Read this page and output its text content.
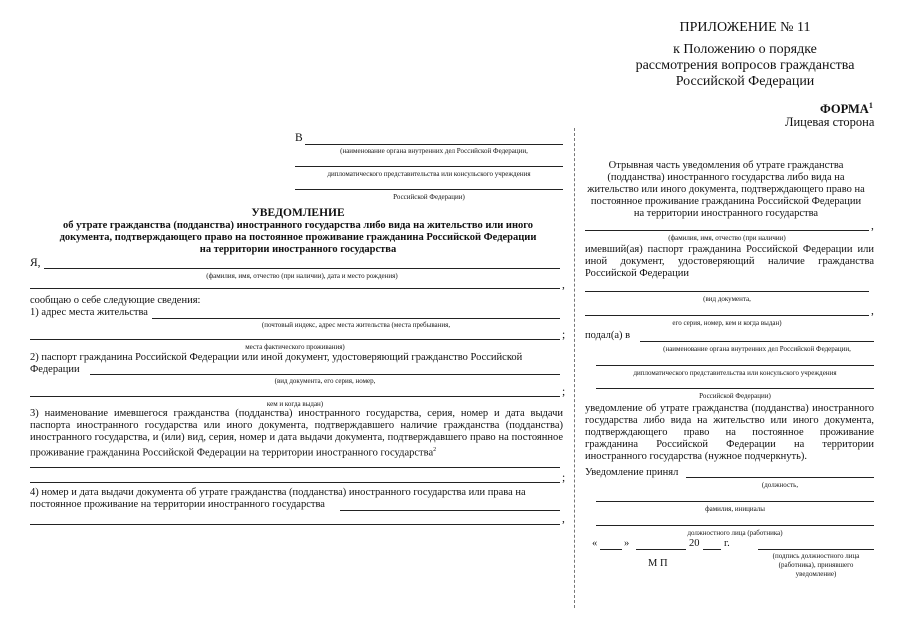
ПРИЛОЖЕНИЕ № 11
к Положению о порядке
рассмотрения вопросов гражданства
Российской Федерации
ФОРМА$^1$
Лицевая сторона
В
(наименование органа внутренних дел Российской Федерации,
дипломатического представительства или консульского учреждения
Российской Федерации)
УВЕДОМЛЕНИЕ
об утрате гражданства (подданства) иностранного государства либо вида на жительство или иного
документа, подтверждающего право на постоянное проживание гражданина Российской Федерации
на территории иностранного государства
Я,
(фамилия, имя, отчество (при наличии), дата и место рождения)
,
сообщаю о себе следующие сведения:
1) адрес места жительства
(почтовый индекс, адрес места жительства (места пребывания,
;
места фактического проживания)
2) паспорт гражданина Российской Федерации или иной документ, удостоверяющий гражданство Российской
Федерации
(вид документа, его серия, номер,
;
кем и когда выдан)
3) наименование имевшегося гражданства (подданства) иностранного государства, серия, номер и дата выдачи паспорта иностранного государства или иного документа, подтверждавшего наличие гражданства (подданства) иностранного государства, и (или) вид, серия, номер и дата выдачи документа, подтверждавшего право на постоянное проживание гражданина Российской Федерации на территории иностранного государства$^2$
;
4) номер и дата выдачи документа об утрате гражданства (подданства) иностранного государства или права на
постоянное проживание на территории иностранного государства
,
Отрывная часть уведомления об утрате гражданства (подданства) иностранного государства либо вида на жительство или иного документа, подтверждающего право на постоянное проживание гражданина Российской Федерации на территории иностранного государства
,
(фамилия, имя, отчество (при наличии)
имевший(ая) паспорт гражданина Российской Федерации или иной документ, удостоверяющий наличие гражданства Российской Федерации
(вид документа,
,
его серия, номер, кем и когда выдан)
подал(а) в
(наименование органа внутренних дел Российской Федерации,
дипломатического представительства или консульского учреждения
Российской Федерации)
уведомление об утрате гражданства (подданства) иностранного государства либо вида на жительство или иного документа, подтверждающего право на постоянное проживание гражданина Российской Федерации на территории иностранного государства (нужное подчеркнуть).
Уведомление принял
(должность,
фамилия, инициалы
должностного лица (работника)
«	»	20 г.
М П
(подпись должностного лица
(работника), принявшего
уведомление)
